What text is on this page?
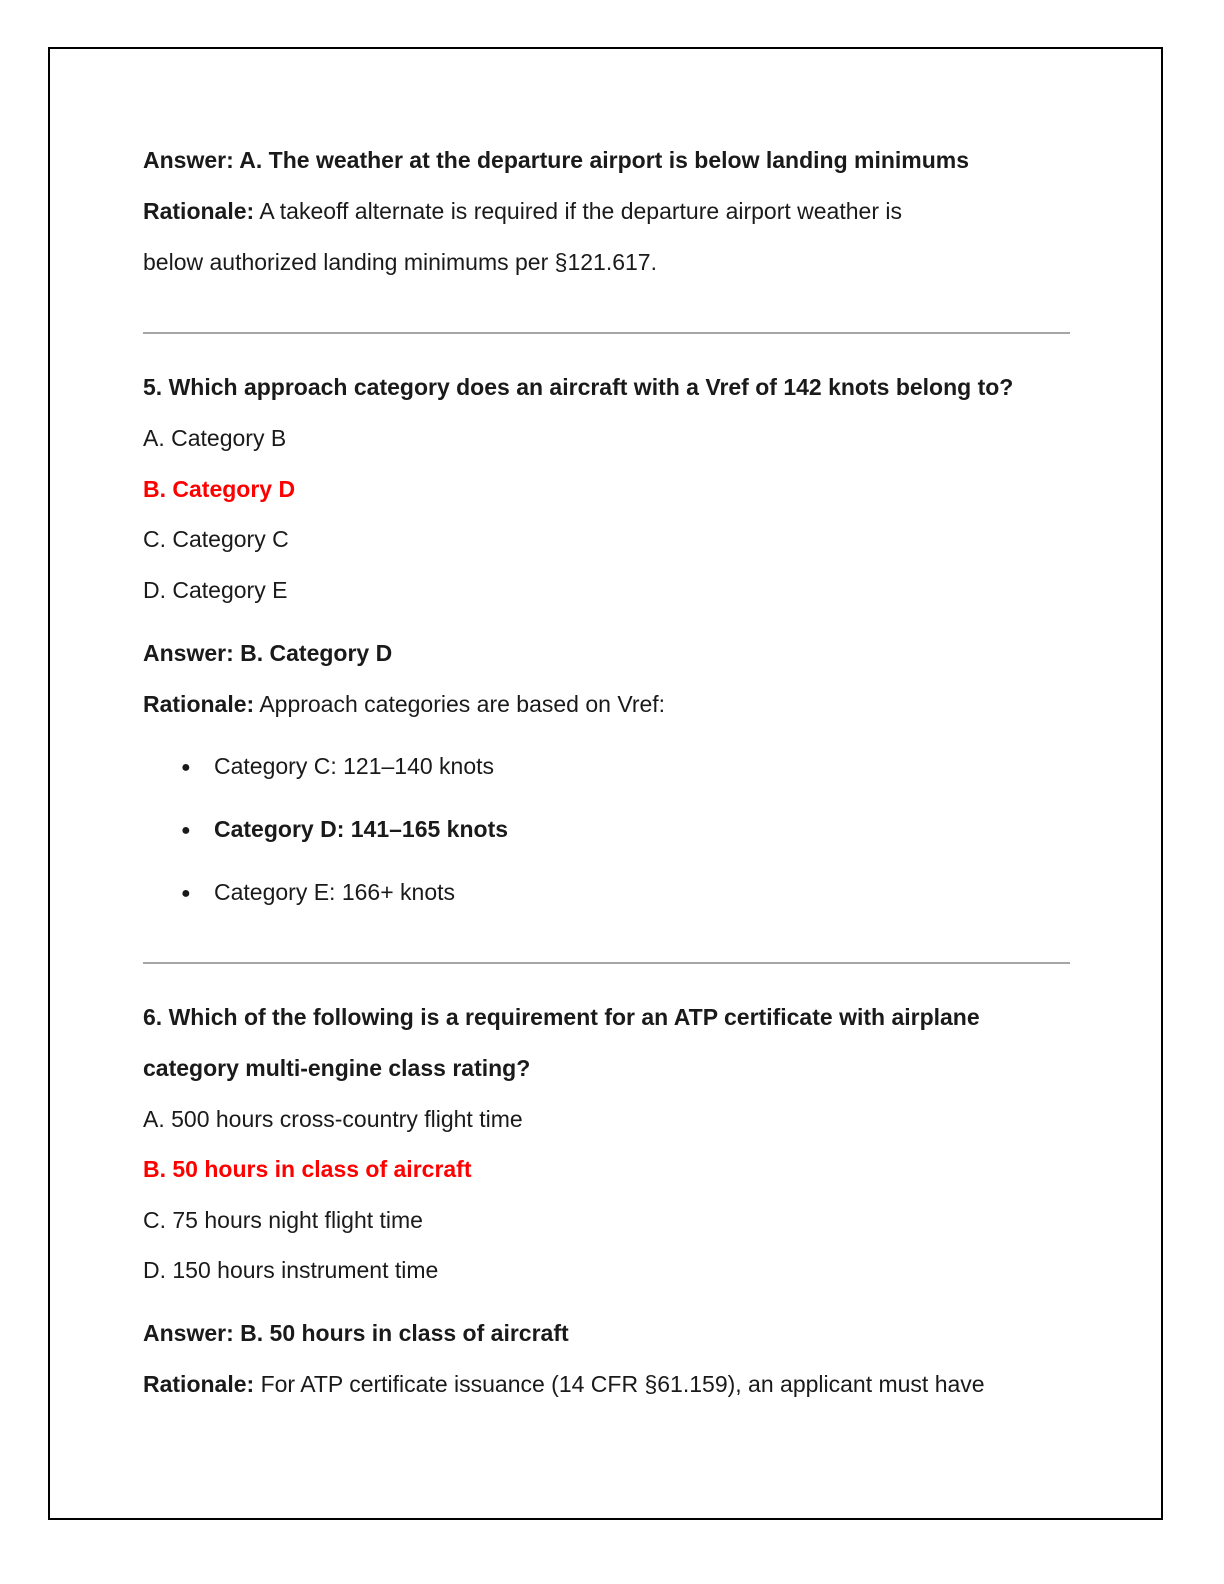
Answer: A. The weather at the departure airport is below landing minimums
Rationale: A takeoff alternate is required if the departure airport weather is
below authorized landing minimums per §121.617.
5. Which approach category does an aircraft with a Vref of 142 knots belong to?
A. Category B
B. Category D
C. Category C
D. Category E
Answer: B. Category D
Rationale: Approach categories are based on Vref:
● Category C: 121–140 knots
● Category D: 141–165 knots
● Category E: 166+ knots
6. Which of the following is a requirement for an ATP certificate with airplane
category multi-engine class rating?
A. 500 hours cross-country flight time
B. 50 hours in class of aircraft
C. 75 hours night flight time
D. 150 hours instrument time
Answer: B. 50 hours in class of aircraft
Rationale: For ATP certificate issuance (14 CFR §61.159), an applicant must have
